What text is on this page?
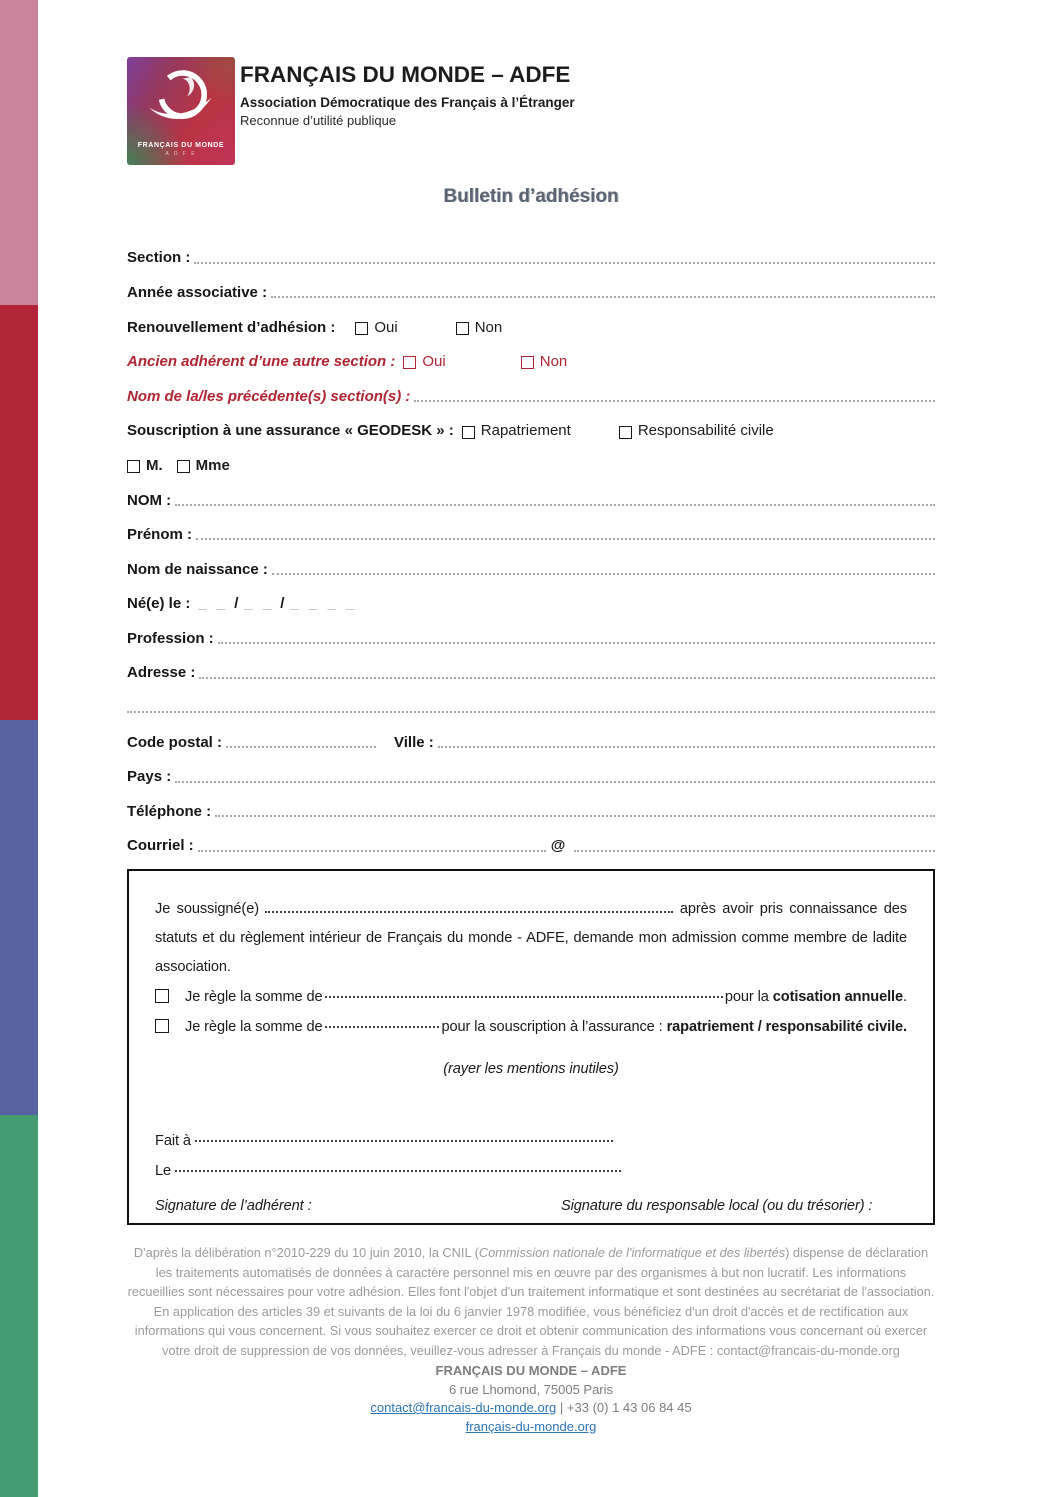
FRANÇAIS DU MONDE
A D F E

FRANÇAIS DU MONDE – ADFE

Association Démocratique des Français à l’Étranger

Reconnue d’utilité publique

Bulletin d’adhésion
Section :
Année associative :
Renouvellement d’adhésion :	Oui	Non
Ancien adhérent d’une autre section : Oui	Non
Nom de la/les précédente(s) section(s) :
Souscription à une assurance « GEODESK » : Rapatriement	Responsabilité civile
M. Mme
NOM :
Prénom :
Nom de naissance :
Né(e) le : _ _ / _ _ / _ _ _ _
Profession :
Adresse :
Code postal :	Ville :
Pays :
Téléphone :
Courriel :	@

Je soussigné(e)	après avoir pris connaissance des statuts et du règlement intérieur de Français du monde - ADFE, demande mon admission comme membre de ladite association.

Je règle la somme de	pour la
cotisation annuelle .
Je règle la somme de	pour la souscription à l’assurance :
rapatriement / responsabilité civile.
(rayer les mentions inutiles)
Fait à

Le

Signature de l’adhérent :	Signature du responsable local (ou du trésorier) :
D'après la délibération n°2010-229 du 10 juin 2010, la CNIL (Commission nationale de l'informatique et des libertés) dispense de déclaration les traitements automatisés de données à caractère personnel mis en œuvre par des organismes à but non lucratif. Les informations recueillies sont nécessaires pour votre adhésion. Elles font l'objet d'un traitement informatique et sont destinées au secrétariat de l'association. En application des articles 39 et suivants de la loi du 6 janvier 1978 modifiée, vous bénéficiez d'un droit d'accès et de rectification aux informations qui vous concernent. Si vous souhaitez exercer ce droit et obtenir communication des informations vous concernant où exercer votre droit de suppression de vos données, veuillez-vous adresser à Français du monde - ADFE : contact@francais-du-monde.org
FRANÇAIS DU MONDE – ADFE
6 rue Lhomond, 75005 Paris
contact@francais-du-monde.org | +33 (0) 1 43 06 84 45
français-du-monde.org
